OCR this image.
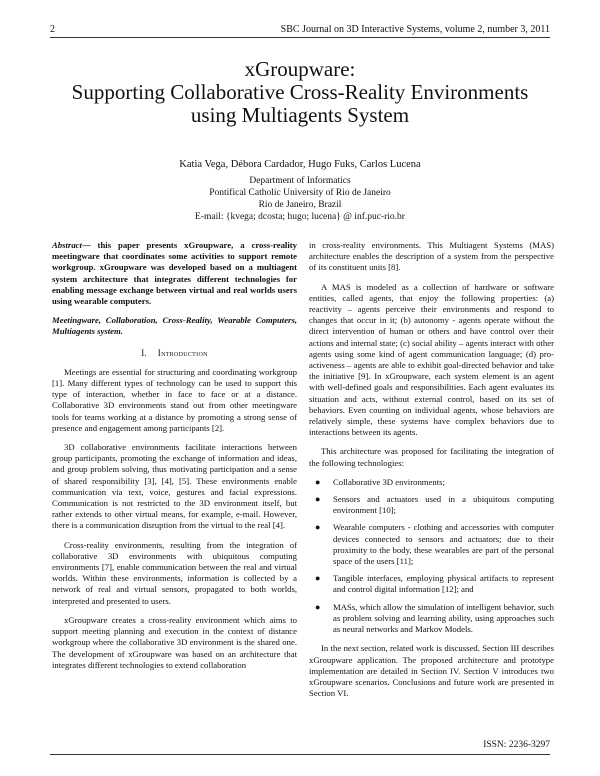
2	SBC Journal on 3D Interactive Systems, volume 2, number 3, 2011
xGroupware:
Supporting Collaborative Cross-Reality Environments
using Multiagents System
Katia Vega, Débora Cardador, Hugo Fuks, Carlos Lucena
Department of Informatics
Pontifical Catholic University of Rio de Janeiro
Rio de Janeiro, Brazil
E-mail: {kvega; dcosta; hugo; lucena} @ inf.puc-rio.br

Abstract— this paper presents xGroupware, a cross-reality meetingware that coordinates some activities to support remote workgroup. xGroupware was developed based on a multiagent system architecture that integrates different technologies for enabling message exchange between virtual and real worlds users using wearable computers.

Meetingware, Collaboration, Cross-Reality, Wearable Computers, Multiagents system.

I. Introduction

Meetings are essential for structuring and coordinating workgroup [1]. Many different types of technology can be used to support this type of interaction, whether in face to face or at a distance. Collaborative 3D environments stand out from other meetingware tools for teams working at a distance by promoting a strong sense of presence and engagement among participants [2].

3D collaborative environments facilitate interactions between group participants, promoting the exchange of information and ideas, and group problem solving, thus motivating participation and a sense of shared responsibility [3], [4], [5]. These environments enable communication via text, voice, gestures and facial expressions. Communication is not restricted to the 3D environment itself, but rather extends to other virtual means, for example, e-mail. However, there is a communication disruption from the virtual to the real [4].

Cross-reality environments, resulting from the integration of collaborative 3D environments with ubiquitous computing environments [7], enable communication between the real and virtual worlds. Within these environments, information is collected by a network of real and virtual sensors, propagated to both worlds, interpreted and presented to users.

xGroupware creates a cross-reality environment which aims to support meeting planning and execution in the context of distance workgroup where the collaborative 3D environment is the shared one. The development of xGroupware was based on an architecture that integrates different technologies to extend collaboration

in cross-reality environments. This Multiagent Systems (MAS) architecture enables the description of a system from the perspective of its constituent units [8].

A MAS is modeled as a collection of hardware or software entities, called agents, that enjoy the following properties: (a) reactivity – agents perceive their environments and respond to changes that occur in it; (b) autonomy - agents operate without the direct intervention of human or others and have control over their actions and internal state; (c) social ability – agents interact with other agents using some kind of agent communication language; (d) pro-activeness – agents are able to exhibit goal-directed behavior and take the initiative [9]. In xGroupware, each system element is an agent with well-defined goals and responsibilities. Each agent evaluates its situation and acts, without external control, based on its set of behaviors. Even counting on individual agents, whose behaviors are relatively simple, these systems have complex behaviors due to interactions between its agents.

This architecture was proposed for facilitating the integration of the following technologies:

● Collaborative 3D environments;
● Sensors and actuators used in a ubiquitous computing environment [10];
● Wearable computers - clothing and accessories with computer devices connected to sensors and actuators; due to their proximity to the body, these wearables are part of the personal space of the users [11];
● Tangible interfaces, employing physical artifacts to represent and control digital information [12]; and
● MASs, which allow the simulation of intelligent behavior, such as problem solving and learning ability, using approaches such as neural networks and Markov Models.

In the next section, related work is discussed. Section III describes xGroupware application. The proposed architecture and prototype implementation are detailed in Section IV. Section V introduces two xGroupware scenarios. Conclusions and future work are presented in Section VI.

ISSN: 2236-3297
